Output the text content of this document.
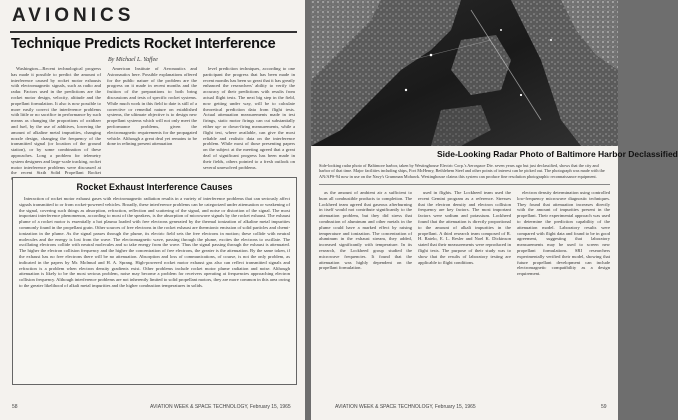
AVIONICS
Technique Predicts Rocket Interference
By Michael L. Yaffee

Washington—Recent technological progress has made it possible to predict the amount of interference caused by rocket motor exhausts with electromagnetic signals, such as radio and radar. Factors used in the predictions are the rocket motor design, velocity, altitude and the propellant formulation. It also is now possible to more easily correct the interference problems with little or no sacrifice in performance by such means as changing the proportions of oxidizer and fuel, by the use of additives, lowering the amount of alkaline metal impurities, changing nozzle design, changing the frequency of the transmitted signal (or location of the ground station), or by some combination of these approaches. Long a problem for telemetry system designers and large-scale tracking, rocket motor interference problems were discussed at the recent Sixth Solid Propellant Rocket

American Institute of Aeronautics and Astronautics here. Possible explanations offered for the public nature of the problem are the progress on it made in recent months and the fruition of the preparations to both bring discussions and tests of specific rocket systems. While much work in this field to date is still of a corrective or remedial nature on established systems, the ultimate objective is to design new propellant systems which will not only meet the performance problems, given the electromagnetic requirements for the propagated vehicle. Although a great deal yet remains to be done in refining present attenuation

level prediction techniques, according to one participant the progress that has been made in recent months has been so great that it has greatly enhanced the researchers' ability to verify the accuracy of their predictions with results from actual flight tests. The next big step in the field, now getting under way, will be to calculate theoretical prediction data from flight tests. Actual attenuation measurements made in test firings, static motor firings can cut substantially either up- or down-firing measurements, while a flight test, where available, can give the most reliable and realistic data on the interference problem. While most of those presenting papers on the subject at the meeting agreed that a great deal of significant progress has been made in their fields, others pointed to a fresh outlook on several unresolved problems.

Rocket Exhaust Interference Causes

Interaction of rocket motor exhaust gases with electromagnetic radiation results in a variety of interference problems that can seriously affect signals transmitted to or from rocket-powered vehicles. Broadly, these interference problems can be categorized under attenuation or weakening of the signal, covering such things as absorption, refraction, reflection and scattering of the signal, and noise or distortion of the signal. The most important interference phenomenon, according to most of the speakers, is the absorption of microwave signals by the rocket exhaust. The exhaust plume of a rocket motor is essentially a hot plasma loaded with free electrons generated by the thermal ionization of alkaline metal impurities commonly found in the propellant grain. Other sources of free electrons in the rocket exhaust are thermionic emission of solid particles and chemi-ionization in the plume. As the signal passes through the plume, its electric field sets the free electrons in motion; these collide with neutral molecules and the energy is lost from the wave. The electromagnetic wave, passing through the plume, excites the electrons to oscillate. The oscillating electrons collide with neutral molecules and so take energy from the wave. Thus the signal passing through the exhaust is attenuated. The higher the electron collision frequency and the higher the concentration of free electrons, the greater is the attenuation. By the same token, if the exhaust has no free electrons there will be no attenuation. Absorption and loss of communications, of course, is not the only problem, as indicated in the papers by Mr. Molmud and H. A. Sprang. High-powered rocket motor exhaust gas also can reflect transmitted signals and refraction is a problem when electron density gradients exist. Other problems include rocket motor plume radiation and noise. Although attenuation is likely to be the most serious problem, noise may become a problem for receivers operating at frequencies approaching electron collision frequency. Although interference problems are not inherently limited to solid propellant motors, they are more common in this area owing to the greater likelihood of alkali metal impurities and the higher combustion temperatures in solids.

58	AVIATION WEEK & SPACE TECHNOLOGY, February 15, 1965
Side-Looking Radar Photo of Baltimore Harbor Declassified
Side-looking radar photo of Baltimore harbor, taken by Westinghouse Electric Corp.'s Aerospace Div. seven years ago but just declassified, shows that the city and harbor of that time. Major facilities including ships, Fort McHenry, Bethlehem Steel and other points of interest can be picked out. The photograph was made with the AN/APS-94 now in use on the Navy's Grumman Mohawk. Westinghouse claims this system can produce fine resolution photographic reconnaissance equipment.

as the amount of ambient air a sufficient to burn all combustible products to completion. The Lockheed team agreed that gaseous afterburning in itself would not contribute significantly to the attenuation problem, but they did stress that combustion of aluminum and other metals in the plume could have a marked effect by raising temperature and ionization. The concentration of aluminum in the exhaust stream, they added, increased significantly with temperature. In its research, the Lockheed group studied the microwave frequencies. It found that the attenuation was highly dependent on the propellant formulation.

used in flights. The Lockheed team used the recent Gemini program as a reference. Stresses that the electron density and electron collision frequency are key factors. The most important factors were sodium and potassium. Lockheed found that the attenuation is directly proportional to the amount of alkali impurities in the propellant. A third research team composed of R. H. Ratelo, E. L. Resler and Noel K. Dickinson stated that their measurements were reproduced in flight tests. The purpose of their study was to show that the results of laboratory testing are applicable to flight conditions.

electron density determination using controlled low-frequency microwave diagnostic techniques. They found that attenuation increases directly with the amount of impurities present in the propellant. Their experimental approach was used to determine the prediction capability of the attenuation model. Laboratory results were compared with flight data and found to be in good agreement, suggesting that laboratory measurements may be used to screen new propellant formulations. SRI researchers experimentally verified their model, showing that future propellant development can include electromagnetic compatibility as a design requirement.

AVIATION WEEK & SPACE TECHNOLOGY, February 15, 1965	59
